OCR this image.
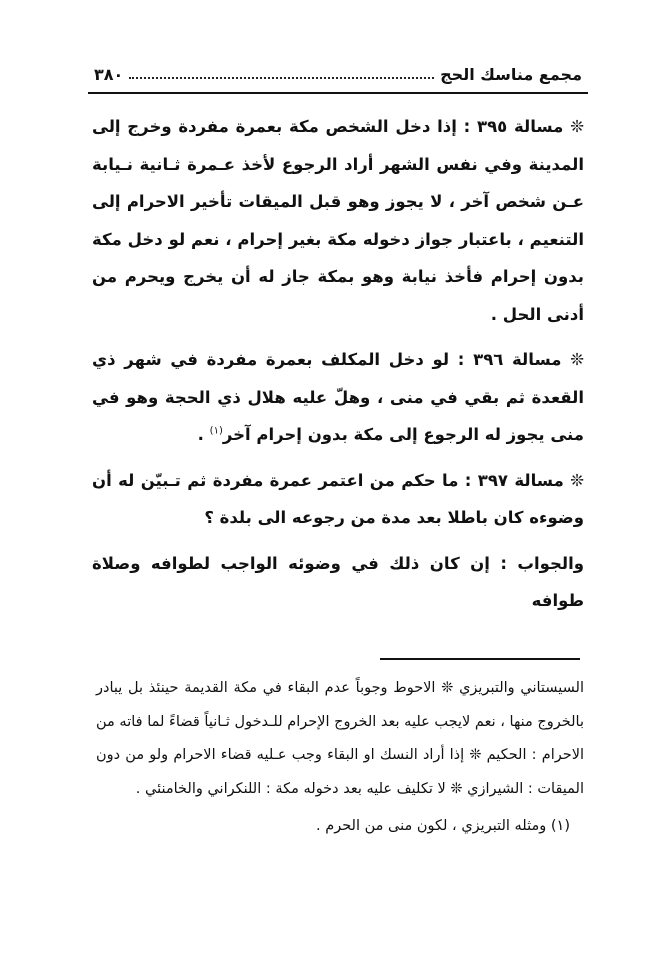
مجمع مناسك الحج
٣٨٠

❊ مسالة ٣٩٥ : إذا دخل الشخص مكة بعمرة مفردة وخرج إلى المدينة وفي نفس الشهر أراد الرجوع لأخذ عـمرة ثـانية نـيابة عـن شخص آخر ، لا يجوز وهو قبل الميقات تأخير الاحرام إلى التنعيم ، باعتبار جواز دخوله مكة بغير إحرام ، نعم لو دخل مكة بدون إحرام فأخذ نيابة وهو بمكة جاز له أن يخرج ويحرم من أدنى الحل .

❊ مسالة ٣٩٦ : لو دخل المكلف بعمرة مفردة في شهر ذي القعدة ثم بقي في منى ، وهلّ عليه هلال ذي الحجة وهو في منى يجوز له الرجوع إلى مكة بدون إحرام آخر$^{(١)}$ .

❊ مسالة ٣٩٧ : ما حكم من اعتمر عمرة مفردة ثم تـبيّن له أن وضوءه كان باطلا بعد مدة من رجوعه الى بلدة ؟

والجواب : إن كان ذلك في وضوئه الواجب لطوافه وصلاة طوافه

السيستاني والتبريزي ❊ الاحوط وجوباً عدم البقاء في مكة القديمة حينئذ بل يبادر بالخروج منها ، نعم لايجب عليه بعد الخروج الإحرام للـدخول ثـانياً قضاءً لما فاته من الاحرام : الحكيم ❊ إذا أراد النسك او البقاء وجب عـليه قضاء الاحرام ولو من دون الميقات : الشيرازي ❊ لا تكليف عليه بعد دخوله مكة : اللنكراني والخامنئي .

(١) ومثله التبريزي ، لكون منى من الحرم .
